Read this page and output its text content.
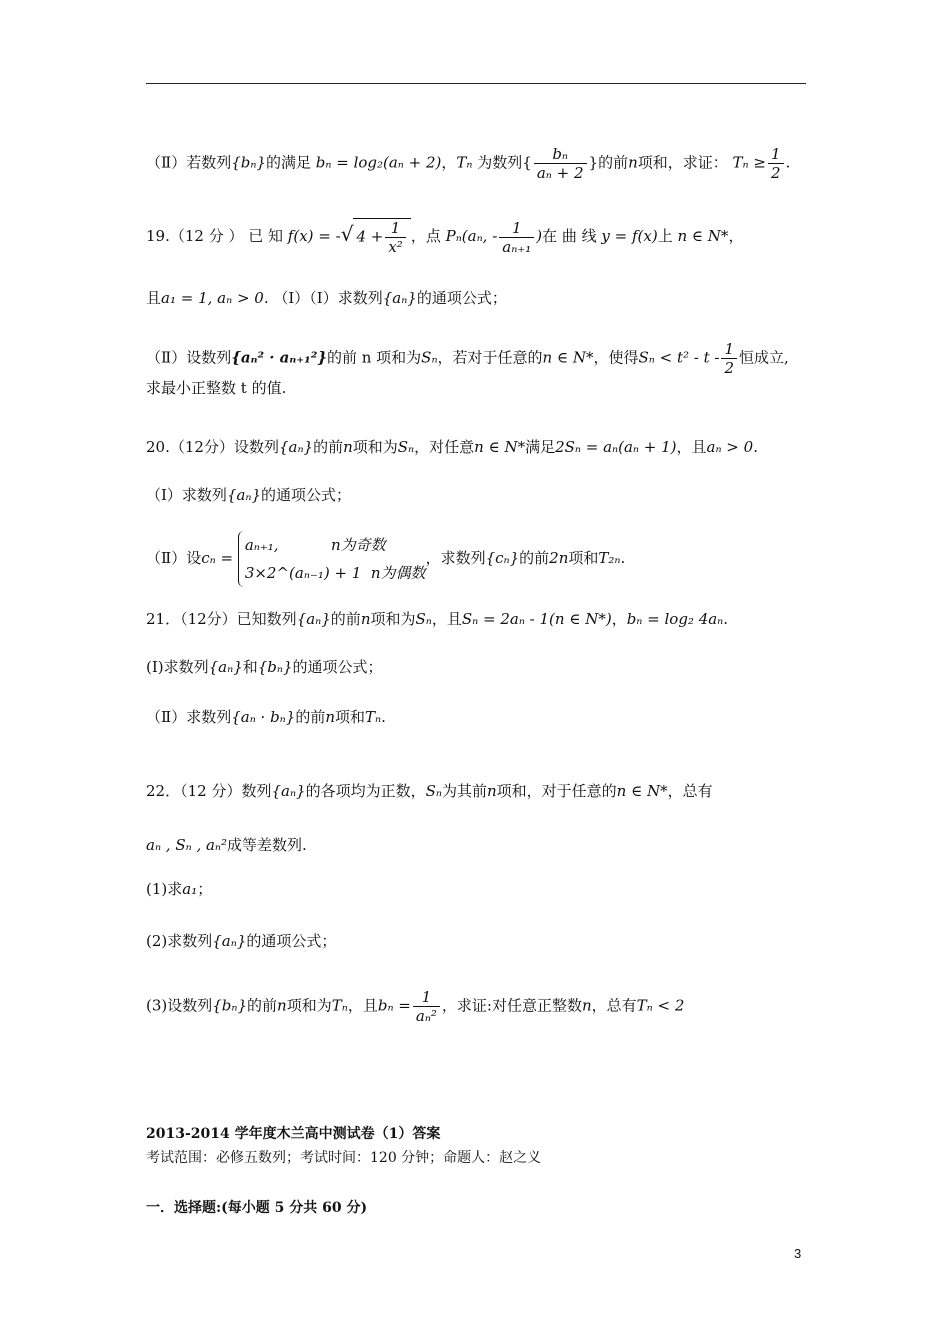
（Ⅱ）若数列{bₙ}的满足 bₙ = log₂(aₙ + 2)，Tₙ 为数列{ $\frac{\text{bₙ}}{\text{aₙ + 2}}$ }的前n项和，求证： $T_n \ge \frac{1}{2}$ .
19.（12 分 ） 已 知 f(x) = -√ $4 + \frac{1}{\text{x²}}$ ，点 Pₙ(aₙ, - $\frac{1}{\text{aₙ₊₁}}$ )在 曲 线 y = f(x)上 n ∈ N*，
且a₁ = 1, aₙ > 0. （Ⅰ）（Ⅰ）求数列{aₙ}的通项公式；
（Ⅱ）设数列{aₙ² · aₙ₊₁²}的前 n 项和为Sₙ，若对于任意的n ∈ N*，使得$S_n < t^2 - t - \frac{1}{2}$ 恒成立,
求最小正整数 t 的值.
20.（12分）设数列{aₙ}的前n项和为Sₙ，对任意n ∈ N*满足2Sₙ = aₙ(aₙ + 1)，且aₙ > 0.
（Ⅰ）求数列{aₙ}的通项公式；
（Ⅱ）设cₙ =
aₙ₊₁,	n为奇数
3×2^(aₙ₋₁) + 1 n为偶数
，求数列{cₙ}的前2n项和T₂ₙ.
21．（12分）已知数列{aₙ}的前n项和为Sₙ，且Sₙ = 2aₙ - 1(n ∈ N*)，bₙ = log₂ 4aₙ.
(Ⅰ)求数列{aₙ}和{bₙ}的通项公式；
（Ⅱ）求数列{aₙ · bₙ}的前n项和Tₙ.
22．（12 分）数列{aₙ}的各项均为正数，Sₙ为其前n项和，对于任意的n ∈ N*，总有
aₙ , Sₙ , aₙ²成等差数列.
(1)求a₁；
(2)求数列{aₙ}的通项公式；
(3)设数列{bₙ}的前n项和为Tₙ，且$b_n = \frac{1}{\text{aₙ²}}$ ，求证:对任意正整数n，总有Tₙ < 2
2013-2014 学年度木兰高中测试卷（1）答案
考试范围：必修五数列；考试时间：120 分钟；命题人：赵之义
一．选择题:(每小题 5 分共 60 分)
3
